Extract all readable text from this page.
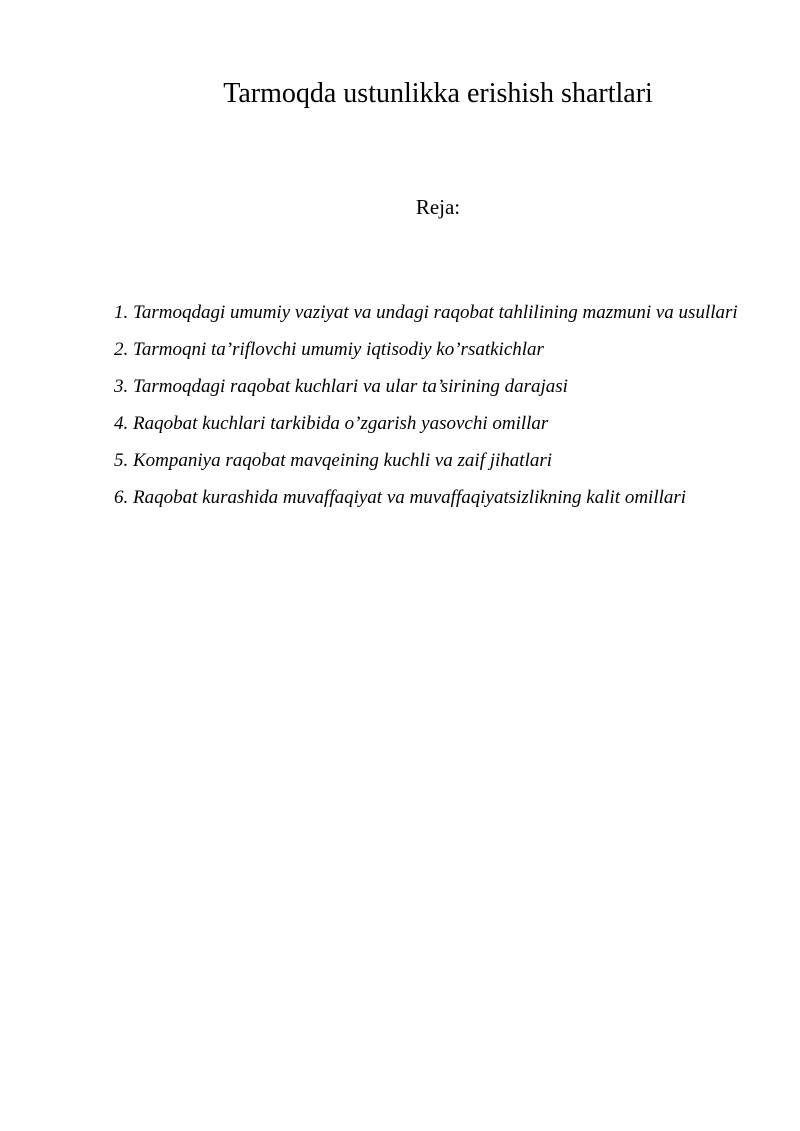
Tarmoqda ustunlikka erishish shartlari
Reja:
1. Tarmoqdagi umumiy vaziyat va undagi raqobat tahlilining mazmuni va usullari
2. Tarmoqni ta’riflovchi umumiy iqtisodiy ko’rsatkichlar
3. Tarmoqdagi raqobat kuchlari va ular ta’sirining darajasi
4. Raqobat kuchlari tarkibida o’zgarish yasovchi omillar
5. Kompaniya raqobat mavqeining kuchli va zaif jihatlari
6. Raqobat kurashida muvaffaqiyat va muvaffaqiyatsizlikning kalit omillari
